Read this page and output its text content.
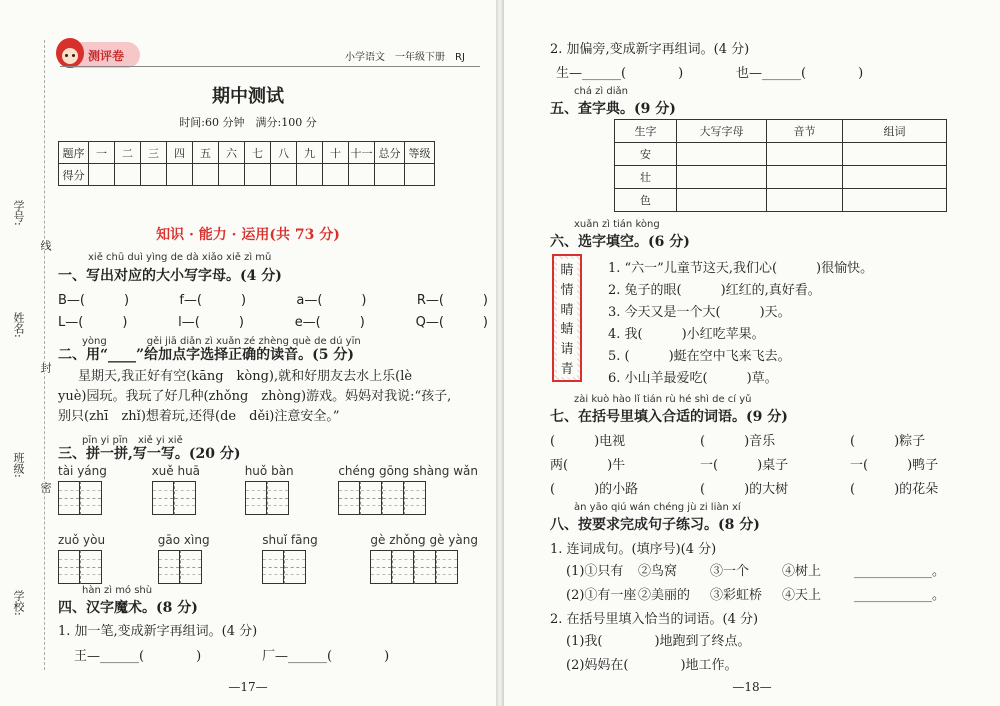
学号:
线
姓名:
封
班级:
密
学校:
测评卷	小学语文　一年级下册　RJ
期中测试
时间:60 分钟　满分:100 分
题序	一	二	三	四	五	六	七	八	九	十	十一	总分	等级
得分													
知识 · 能力 · 运用(共 73 分)
xiě chū duì yìng de dà xiǎo xiě zì mǔ
一、写出对应的大小写字母。(4 分)
B—(　　　)	f—(　　　)	a—(　　　)	R—(　　　)
L—(　　　)	l—(　　　)	e—(　　　)	Q—(　　　)
yòng　　　　gěi jiā diǎn zì xuǎn zé zhèng què de dú yīn
二、用“____”给加点字选择正确的读音。(5 分)
星期天,我正好有空(kāng　kòng),就和好朋友去水上乐(lè
yuè)园玩。我玩了好几种(zhǒng　zhòng)游戏。妈妈对我说:“孩子,
别只(zhī　zhǐ)想着玩,还得(de　děi)注意安全。”
pīn yi pīn　xiě yi xiě
三、拼一拼,写一写。(20 分)
tài yáng	xuě huā	huǒ bàn	chéng gōng shàng wǎn
zuǒ yòu	gāo xìng	shuǐ fāng	gè zhǒng gè yàng
hàn zì mó shù
四、汉字魔术。(8 分)
1. 加一笔,变成新字再组词。(4 分)
王—______(　　　　)	厂—______(　　　　)
—17—
2. 加偏旁,变成新字再组词。(4 分)
生—______(　　　　)	也—______(　　　　)
chá zì diǎn
五、查字典。(9 分)
生字	大写字母	音节	组词
安			
壮			
色			
xuǎn zì tián kòng
六、选字填空。(6 分)
睛
情
晴
蜻
请
青
1. “六一”儿童节这天,我们心(　　　)很愉快。
2. 兔子的眼(　　　)红红的,真好看。
3. 今天又是一个大(　　　)天。
4. 我(　　　)小红吃苹果。
5. (　　　)蜓在空中飞来飞去。
6. 小山羊最爱吃(　　　)草。
zài kuò hào lǐ tián rù hé shì de cí yǔ
七、在括号里填入合适的词语。(9 分)
(　　　)电视	(　　　)音乐	(　　　)粽子
两(　　　)牛	一(　　　)桌子	一(　　　)鸭子
(　　　)的小路	(　　　)的大树	(　　　)的花朵
àn yāo qiú wán chéng jù zi liàn xí
八、按要求完成句子练习。(8 分)
1. 连词成句。(填序号)(4 分)
(1)①只有	②鸟窝	③一个	④树上	____________。
(2)①有一座 ②美丽的	③彩虹桥	④天上	____________。
2. 在括号里填入恰当的词语。(4 分)
(1)我(　　　　)地跑到了终点。
(2)妈妈在(　　　　)地工作。
—18—
